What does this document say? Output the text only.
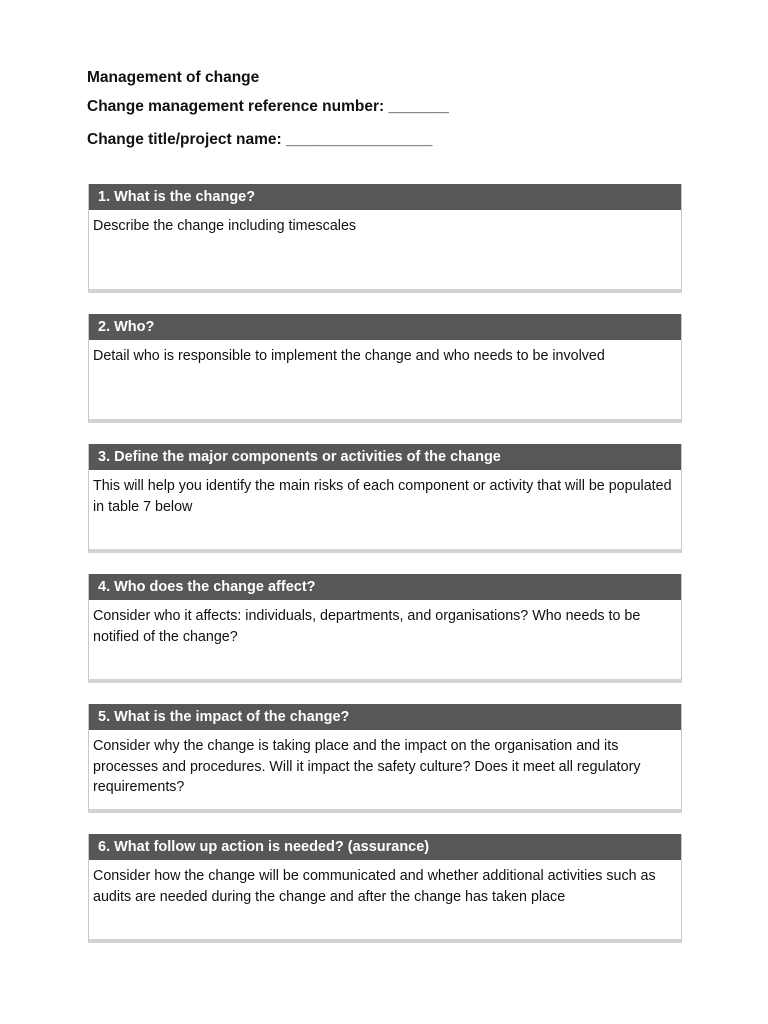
Management of change
Change management reference number: _______
Change title/project name: _________________
1. What is the change?
Describe the change including timescales
2. Who?
Detail who is responsible to implement the change and who needs to be involved
3. Define the major components or activities of the change
This will help you identify the main risks of each component or activity that will be populated in table 7 below
4. Who does the change affect?
Consider who it affects: individuals, departments, and organisations? Who needs to be notified of the change?
5. What is the impact of the change?
Consider why the change is taking place and the impact on the organisation and its processes and procedures. Will it impact the safety culture? Does it meet all regulatory requirements?
6. What follow up action is needed? (assurance)
Consider how the change will be communicated and whether additional activities such as audits are needed during the change and after the change has taken place
